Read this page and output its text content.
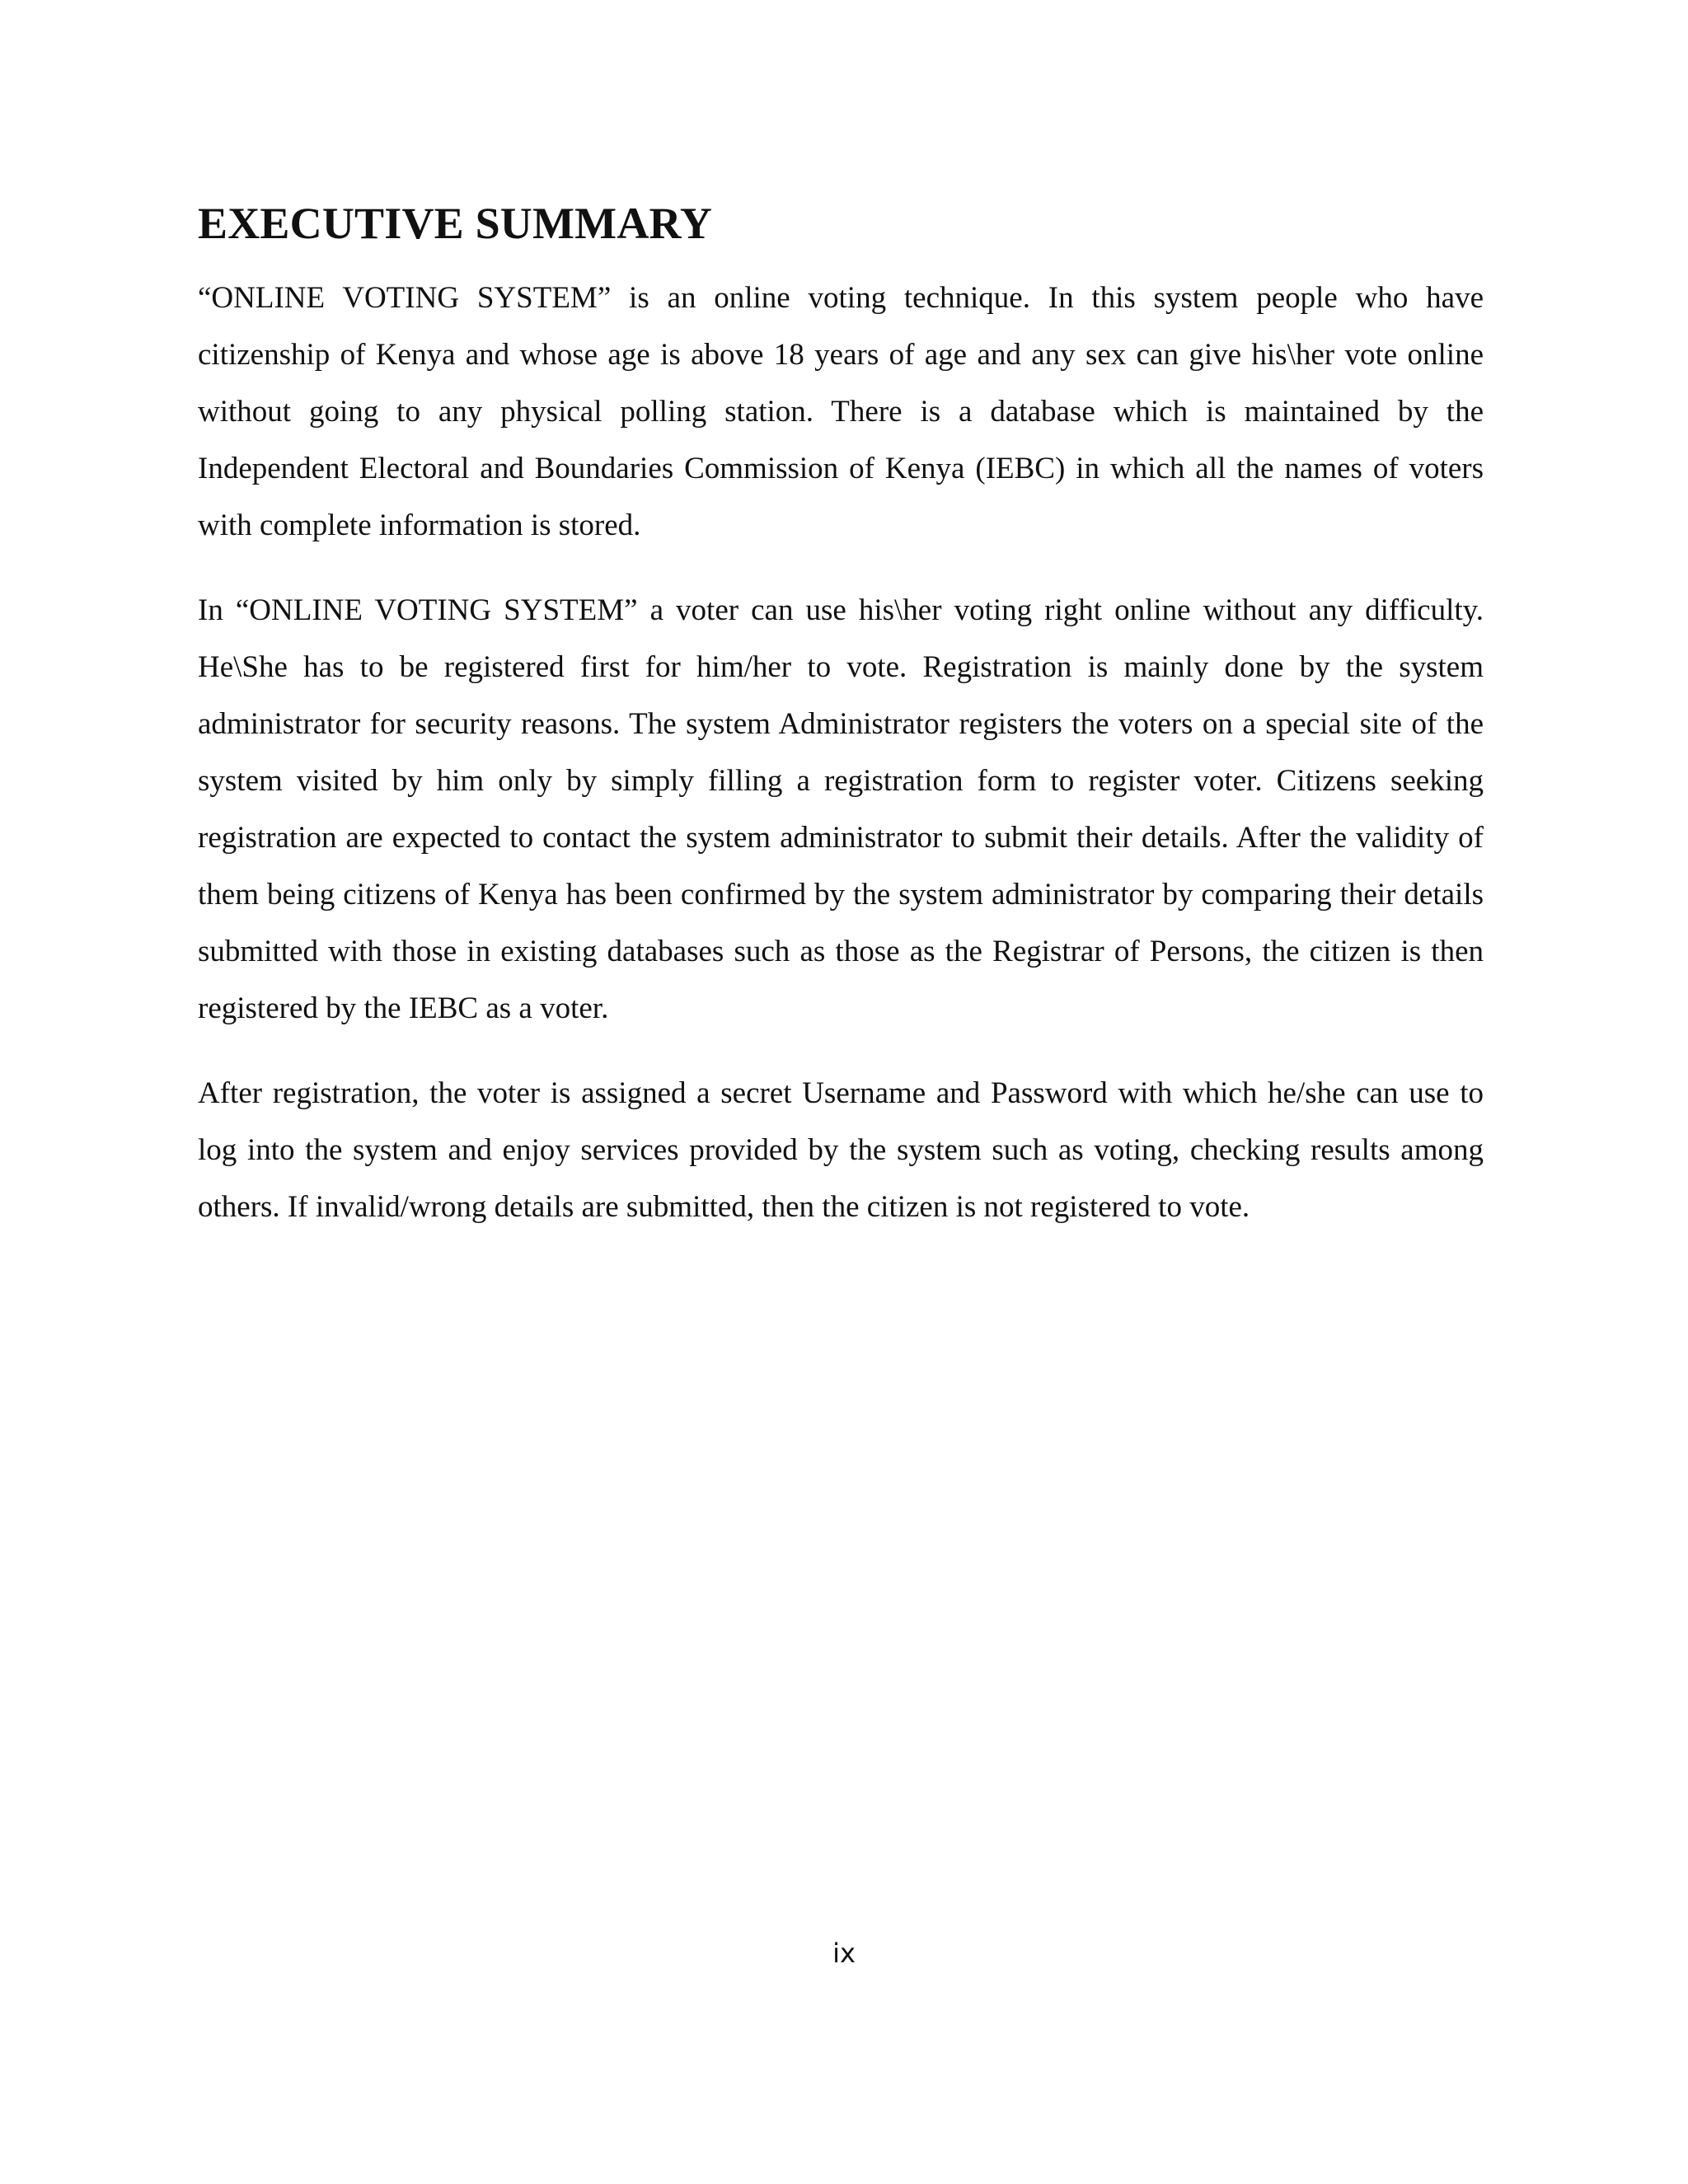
EXECUTIVE SUMMARY

“ONLINE VOTING SYSTEM” is an online voting technique. In this system people who have citizenship of Kenya and whose age is above 18 years of age and any sex can give his\her vote online without going to any physical polling station. There is a database which is maintained by the Independent Electoral and Boundaries Commission of Kenya (IEBC) in which all the names of voters with complete information is stored.

In “ONLINE VOTING SYSTEM” a voter can use his\her voting right online without any difficulty. He\She has to be registered first for him/her to vote. Registration is mainly done by the system administrator for security reasons. The system Administrator registers the voters on a special site of the system visited by him only by simply filling a registration form to register voter. Citizens seeking registration are expected to contact the system administrator to submit their details. After the validity of them being citizens of Kenya has been confirmed by the system administrator by comparing their details submitted with those in existing databases such as those as the Registrar of Persons, the citizen is then registered by the IEBC as a voter.

After registration, the voter is assigned a secret Username and Password with which he/she can use to log into the system and enjoy services provided by the system such as voting, checking results among others. If invalid/wrong details are submitted, then the citizen is not registered to vote.

ix
